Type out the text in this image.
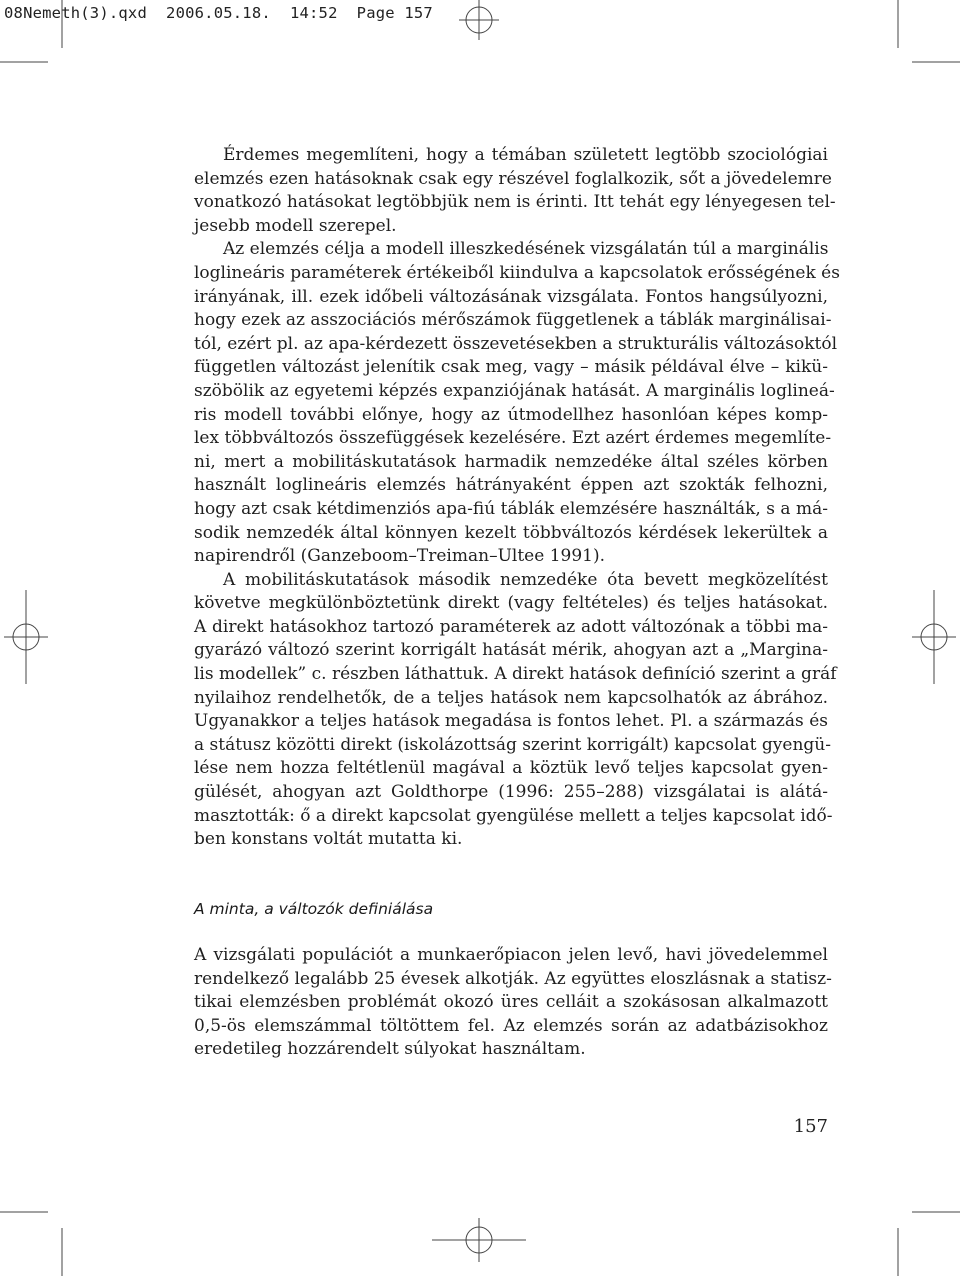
08Nemeth(3).qxd  2006.05.18.  14:52  Page 157
Érdemes megemlíteni, hogy a témában született legtöbb szociológiai
elemzés ezen hatásoknak csak egy részével foglalkozik, sőt a jövedelemre
vonatkozó hatásokat legtöbbjük nem is érinti. Itt tehát egy lényegesen tel-
jesebb modell szerepel.
Az elemzés célja a modell illeszkedésének vizsgálatán túl a marginális
loglineáris paraméterek értékeiből kiindulva a kapcsolatok erősségének és
irányának, ill. ezek időbeli változásának vizsgálata. Fontos hangsúlyozni,
hogy ezek az asszociációs mérőszámok függetlenek a táblák marginálisai-
tól, ezért pl. az apa-kérdezett összevetésekben a strukturális változásoktól
független változást jelenítik csak meg, vagy – másik példával élve – kikü-
szöbölik az egyetemi képzés expanziójának hatását. A marginális loglineá-
ris modell további előnye, hogy az útmodellhez hasonlóan képes komp-
lex többváltozós összefüggések kezelésére. Ezt azért érdemes megemlíte-
ni, mert a mobilitáskutatások harmadik nemzedéke által széles körben
használt loglineáris elemzés hátrányaként éppen azt szokták felhozni,
hogy azt csak kétdimenziós apa-fiú táblák elemzésére használták, s a má-
sodik nemzedék által könnyen kezelt többváltozós kérdések lekerültek a
napirendről (Ganzeboom–Treiman–Ultee 1991).
A mobilitáskutatások második nemzedéke óta bevett megközelítést
követve megkülönböztetünk direkt (vagy feltételes) és teljes hatásokat.
A direkt hatásokhoz tartozó paraméterek az adott változónak a többi ma-
gyarázó változó szerint korrigált hatását mérik, ahogyan azt a „Margina-
lis modellek” c. részben láthattuk. A direkt hatások definíció szerint a gráf
nyilaihoz rendelhetők, de a teljes hatások nem kapcsolhatók az ábrához.
Ugyanakkor a teljes hatások megadása is fontos lehet. Pl. a származás és
a státusz közötti direkt (iskolázottság szerint korrigált) kapcsolat gyengü-
lése nem hozza feltétlenül magával a köztük levő teljes kapcsolat gyen-
gülését, ahogyan azt Goldthorpe (1996: 255–288) vizsgálatai is alátá-
masztották: ő a direkt kapcsolat gyengülése mellett a teljes kapcsolat idő-
ben konstans voltát mutatta ki.
A minta, a változók definiálása
A vizsgálati populációt a munkaerőpiacon jelen levő, havi jövedelemmel
rendelkező legalább 25 évesek alkotják. Az együttes eloszlásnak a statisz-
tikai elemzésben problémát okozó üres celláit a szokásosan alkalmazott
0,5-ös elemszámmal töltöttem fel. Az elemzés során az adatbázisokhoz
eredetileg hozzárendelt súlyokat használtam.
157
